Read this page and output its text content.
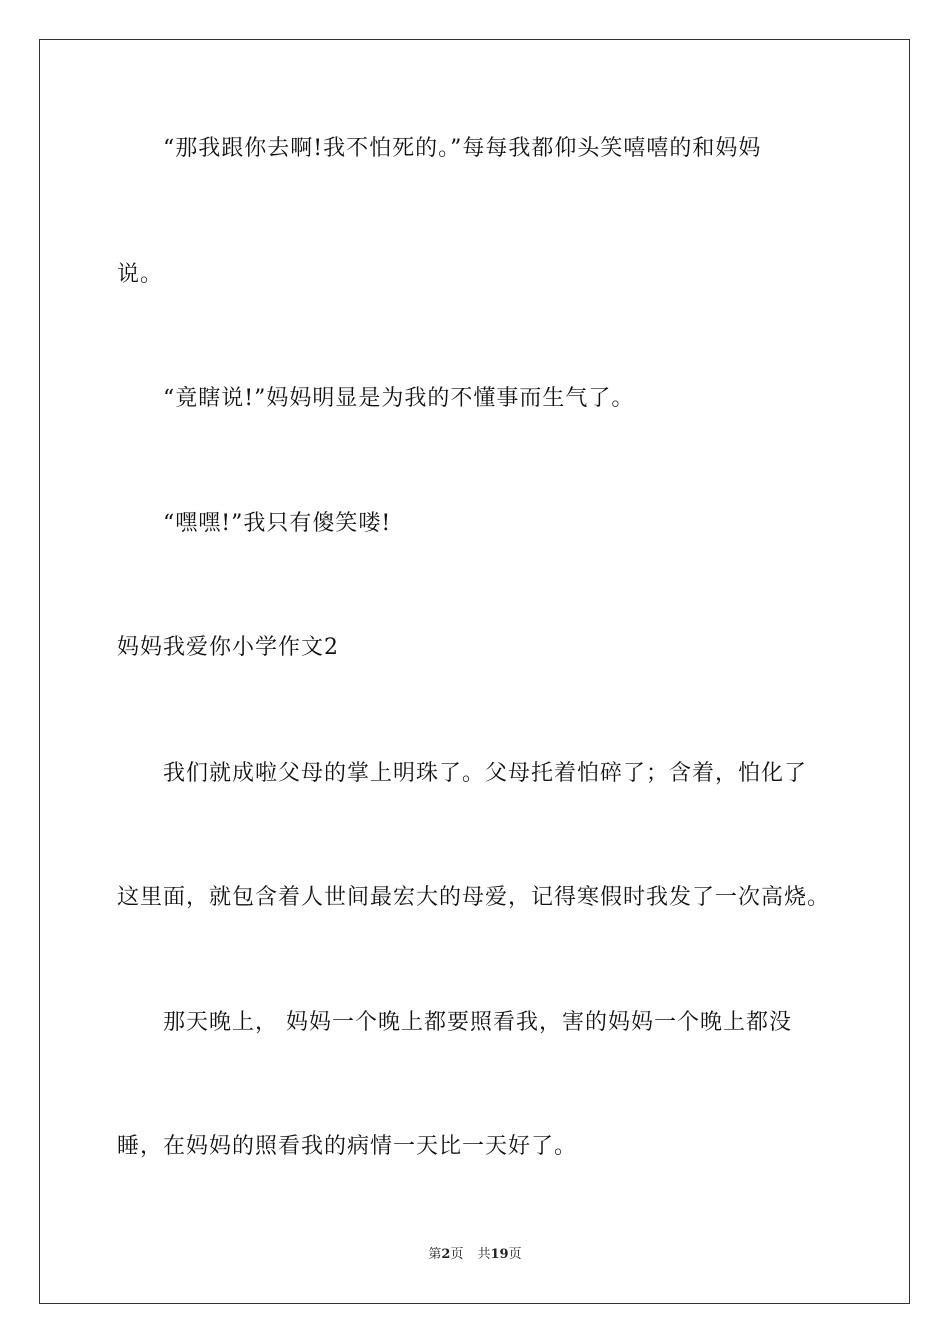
“那我跟你去啊!我不怕死的。”每每我都仰头笑嘻嘻的和妈妈
说。
“竟瞎说!”妈妈明显是为我的不懂事而生气了。
“嘿嘿!”我只有傻笑喽!
妈妈我爱你小学作文2
我们就成啦父母的掌上明珠了。父母托着怕碎了；含着，怕化了
这里面，就包含着人世间最宏大的母爱，记得寒假时我发了一次高烧。
那天晚上， 妈妈一个晚上都要照看我，害的妈妈一个晚上都没
睡，在妈妈的照看我的病情一天比一天好了。
第2页 共19页
